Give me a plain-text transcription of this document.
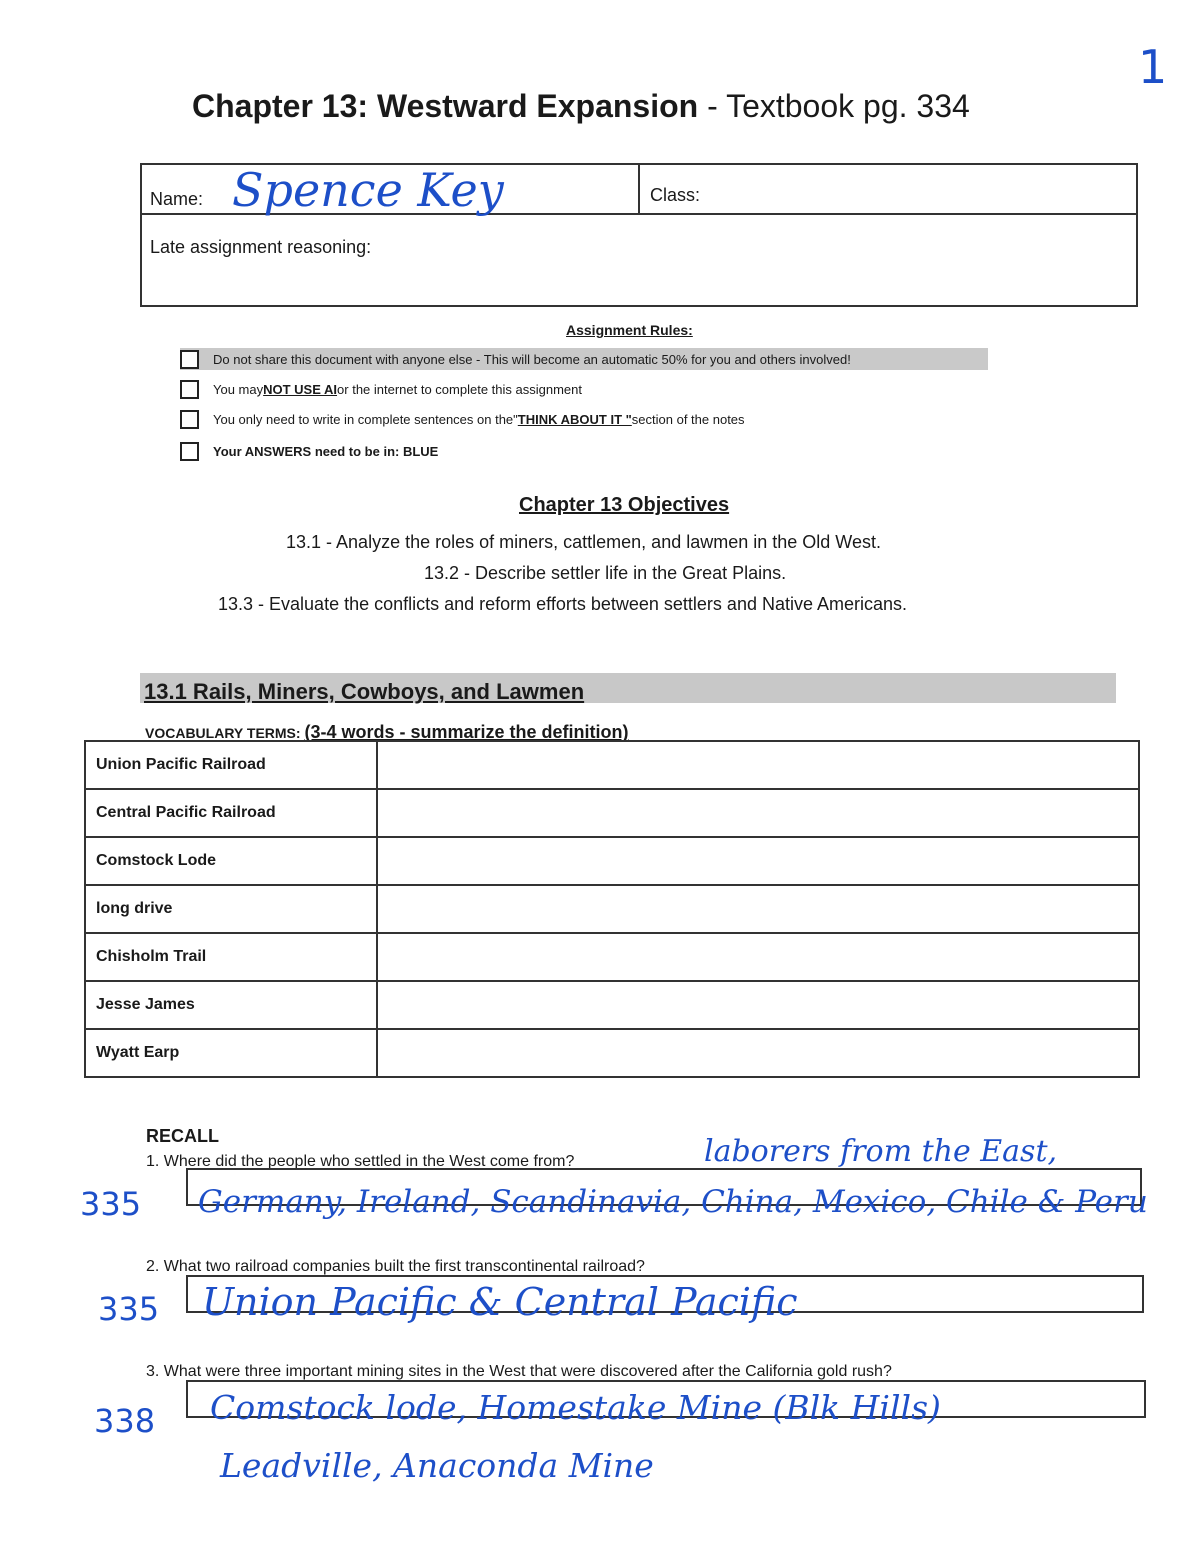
1
Chapter 13: Westward Expansion - Textbook pg. 334
Name: Spence Key	Class:
Late assignment reasoning:
Assignment Rules:
Do not share this document with anyone else - This will become an automatic 50% for you and others involved!
You may NOT USE AI or the internet to complete this assignment
You only need to write in complete sentences on the" THINK ABOUT IT " section of the notes
Your ANSWERS need to be in: BLUE
Chapter 13 Objectives
13.1 - Analyze the roles of miners, cattlemen, and lawmen in the Old West.
13.2 - Describe settler life in the Great Plains.
13.3 - Evaluate the conflicts and reform efforts between settlers and Native Americans.
13.1 Rails, Miners, Cowboys, and Lawmen
VOCABULARY TERMS: (3-4 words - summarize the definition)
Union Pacific Railroad	
Central Pacific Railroad	
Comstock Lode	
long drive	
Chisholm Trail	
Jesse James	
Wyatt Earp	
RECALL
1. Where did the people who settled in the West come from?	laborers from the East,
335 Germany, Ireland, Scandinavia, China, Mexico, Chile & Peru
2. What two railroad companies built the first transcontinental railroad?
335 Union Pacific & Central Pacific
3. What were three important mining sites in the West that were discovered after the California gold rush?
338 Comstock lode, Homestake Mine (Blk Hills)
Leadville, Anaconda Mine
